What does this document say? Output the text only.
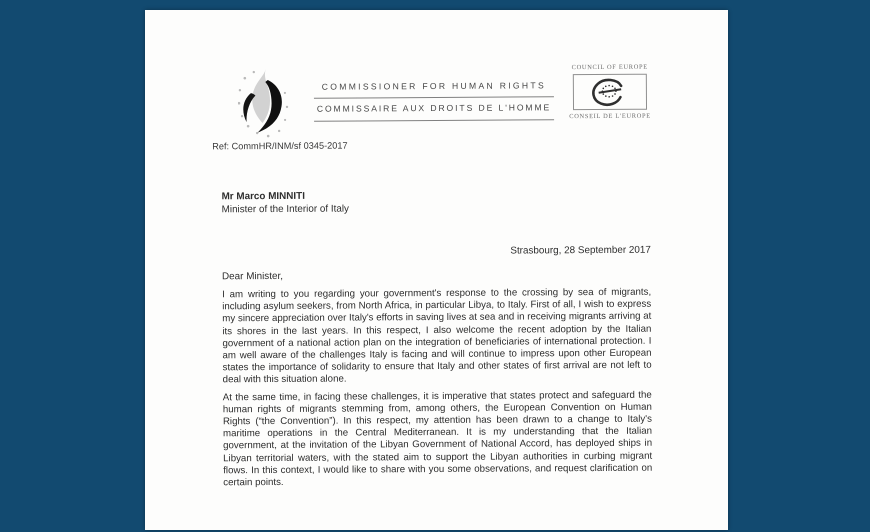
COMMISSIONER FOR HUMAN RIGHTS
COMMISSAIRE AUX DROITS DE L'HOMME
COUNCIL OF EUROPE
CONSEIL DE L'EUROPE
Ref: CommHR/INM/sf 0345-2017
Mr Marco MINNITI
Minister of the Interior of Italy
Strasbourg, 28 September 2017
Dear Minister,

I am writing to you regarding your government's response to the crossing by sea of migrants, including asylum seekers, from North Africa, in particular Libya, to Italy. First of all, I wish to express my sincere appreciation over Italy's efforts in saving lives at sea and in receiving migrants arriving at its shores in the last years. In this respect, I also welcome the recent adoption by the Italian government of a national action plan on the integration of beneficiaries of international protection. I am well aware of the challenges Italy is facing and will continue to impress upon other European states the importance of solidarity to ensure that Italy and other states of first arrival are not left to deal with this situation alone.

At the same time, in facing these challenges, it is imperative that states protect and safeguard the human rights of migrants stemming from, among others, the European Convention on Human Rights (“the Convention”). In this respect, my attention has been drawn to a change to Italy's maritime operations in the Central Mediterranean. It is my understanding that the Italian government, at the invitation of the Libyan Government of National Accord, has deployed ships in Libyan territorial waters, with the stated aim to support the Libyan authorities in curbing migrant flows. In this context, I would like to share with you some observations, and request clarification on certain points.
